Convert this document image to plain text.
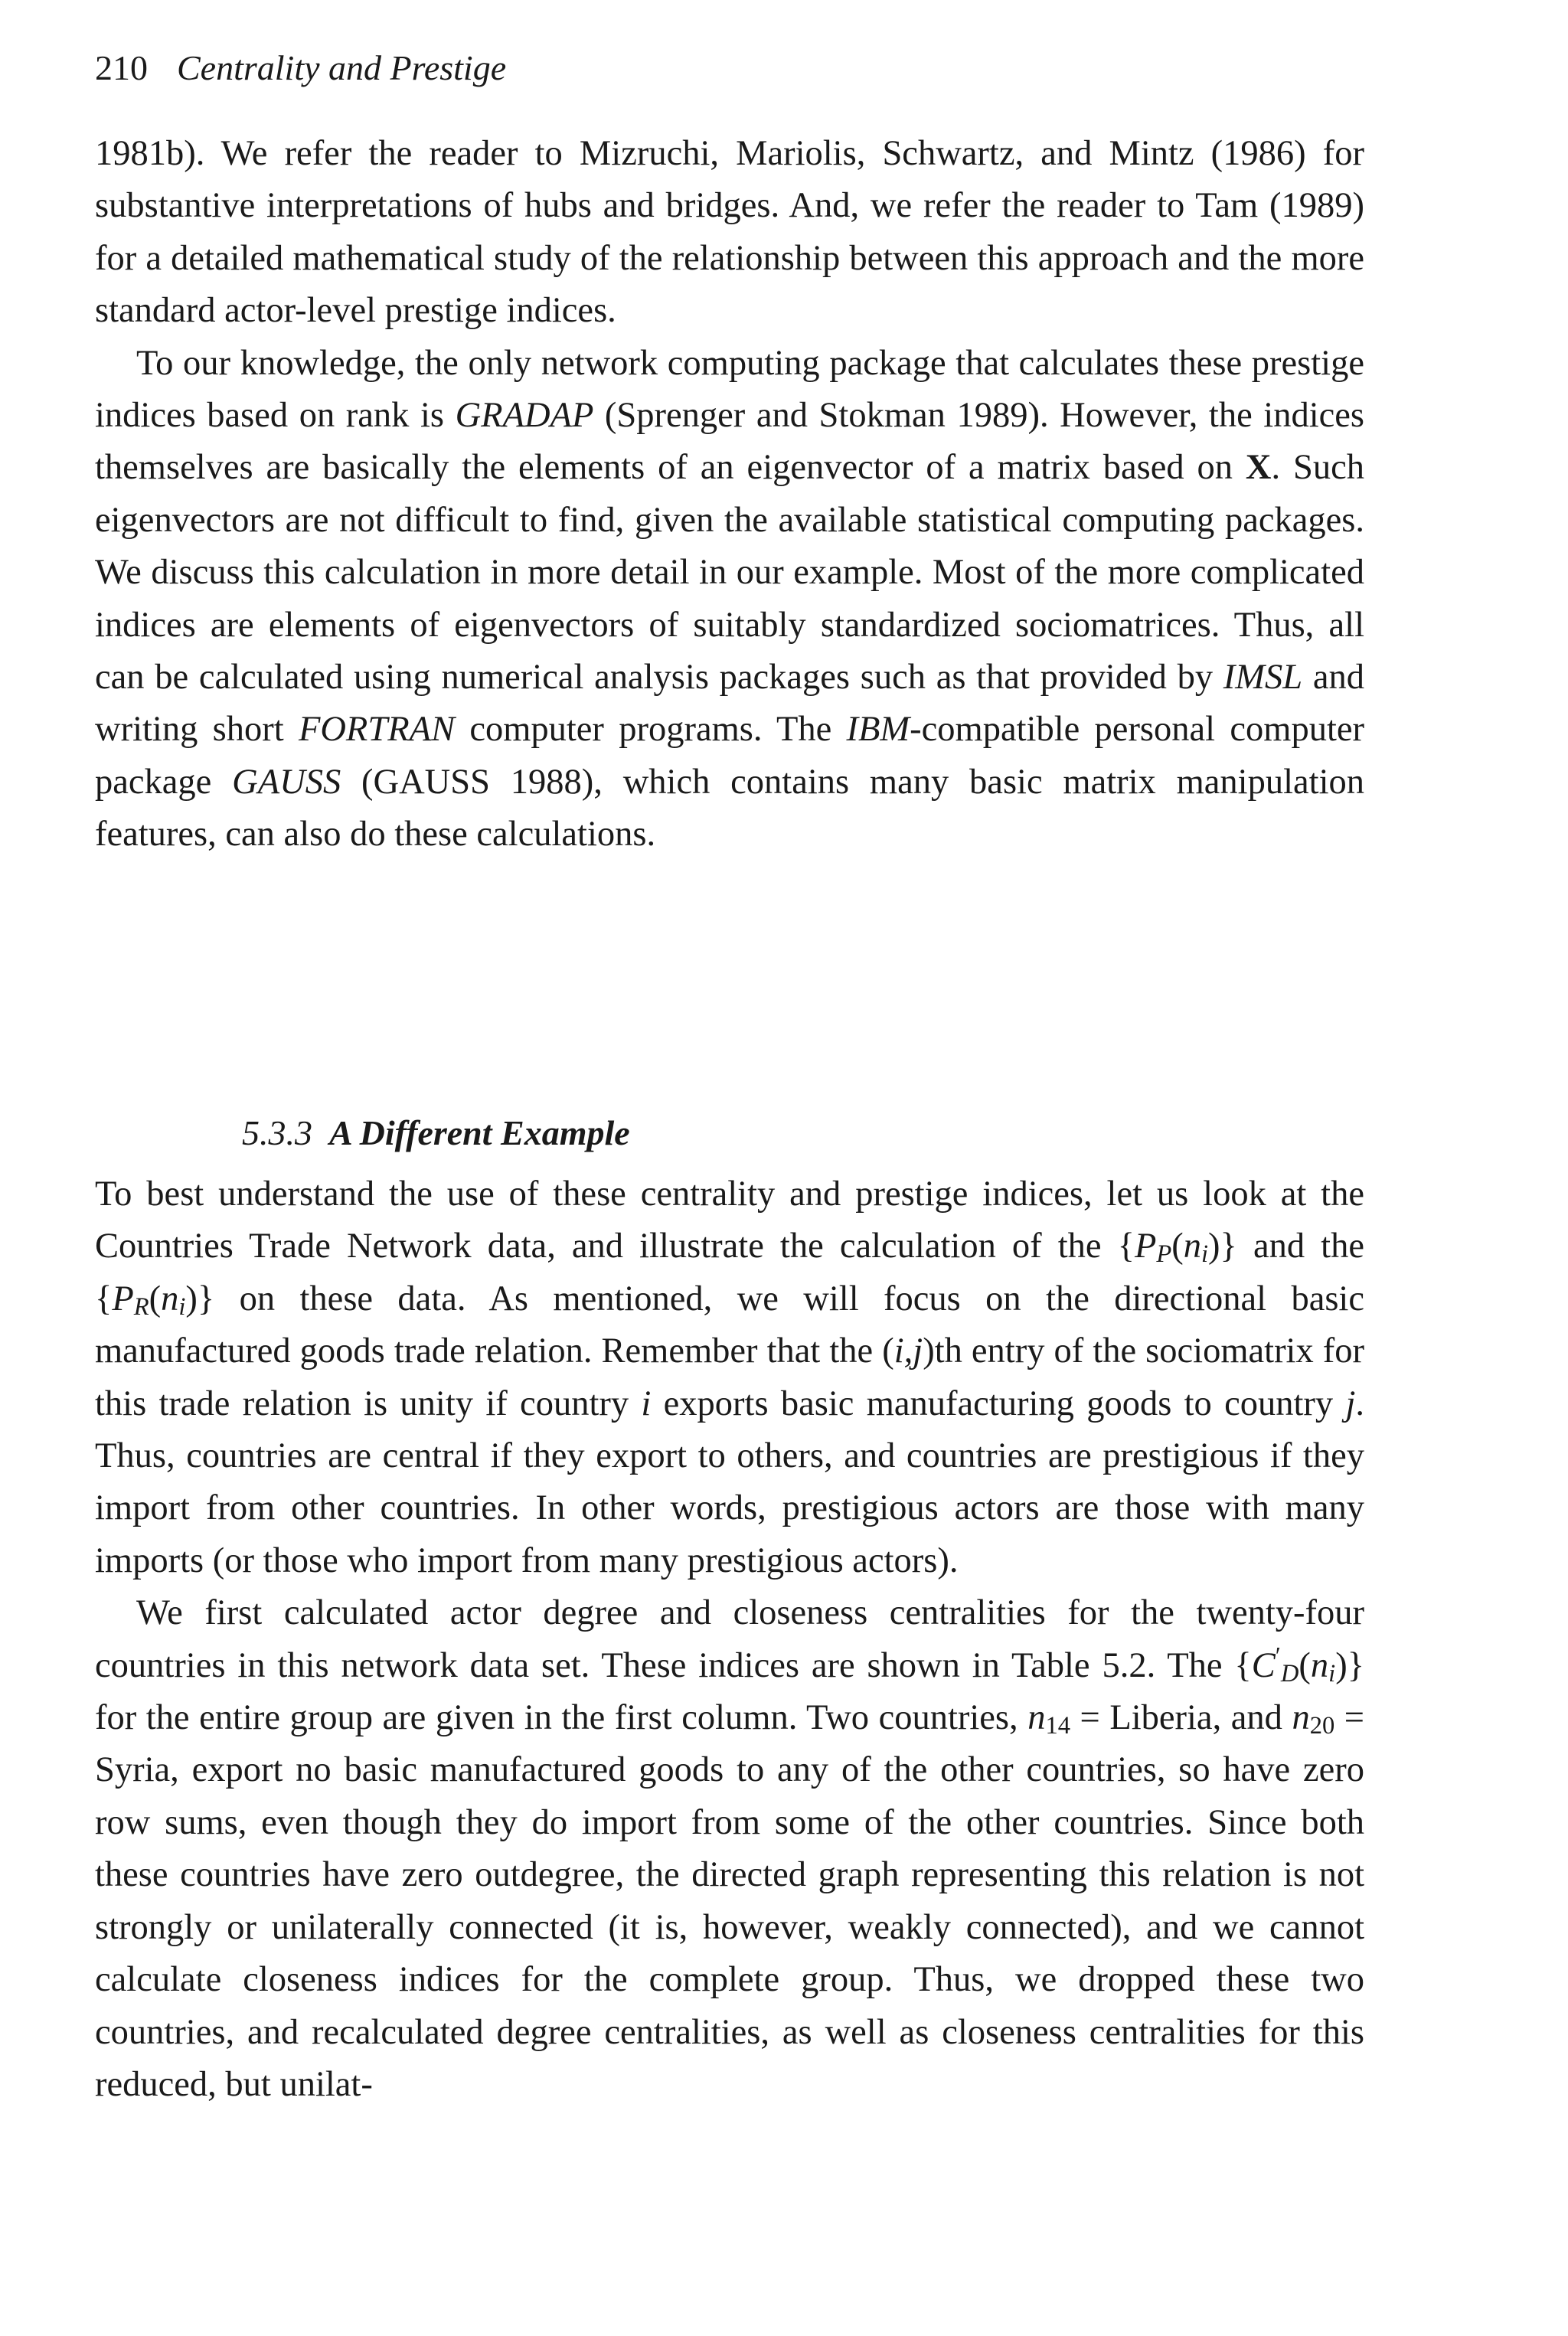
210 Centrality and Prestige

1981b). We refer the reader to Mizruchi, Mariolis, Schwartz, and Mintz (1986) for substantive interpretations of hubs and bridges. And, we refer the reader to Tam (1989) for a detailed mathematical study of the relationship between this approach and the more standard actor-level prestige indices.

To our knowledge, the only network computing package that calculates these prestige indices based on rank is GRADAP (Sprenger and Stokman 1989). However, the indices themselves are basically the elements of an eigenvector of a matrix based on X. Such eigenvectors are not difficult to find, given the available statistical computing packages. We discuss this calculation in more detail in our example. Most of the more complicated indices are elements of eigenvectors of suitably standardized sociomatrices. Thus, all can be calculated using numerical analysis packages such as that provided by IMSL and writing short FORTRAN computer programs. The IBM-compatible personal computer package GAUSS (GAUSS 1988), which contains many basic matrix manipulation features, can also do these calculations.

5.3.3 A Different Example

To best understand the use of these centrality and prestige indices, let us look at the Countries Trade Network data, and illustrate the calculation of the $\{P_P(n_i)\}$ and the $\{P_R(n_i)\}$ on these data. As mentioned, we will focus on the directional basic manufactured goods trade relation. Remember that the (i,j)th entry of the sociomatrix for this trade relation is unity if country i exports basic manufacturing goods to country j. Thus, countries are central if they export to others, and countries are prestigious if they import from other countries. In other words, prestigious actors are those with many imports (or those who import from many prestigious actors).

We first calculated actor degree and closeness centralities for the twenty-four countries in this network data set. These indices are shown in Table 5.2. The $\{C'_D(n_i)\}$ for the entire group are given in the first column. Two countries, $n_{14}$ = Liberia, and $n_{20}$ = Syria, export no basic manufactured goods to any of the other countries, so have zero row sums, even though they do import from some of the other countries. Since both these countries have zero outdegree, the directed graph representing this relation is not strongly or unilaterally connected (it is, however, weakly connected), and we cannot calculate closeness indices for the complete group. Thus, we dropped these two countries, and recalculated degree centralities, as well as closeness centralities for this reduced, but unilat-
